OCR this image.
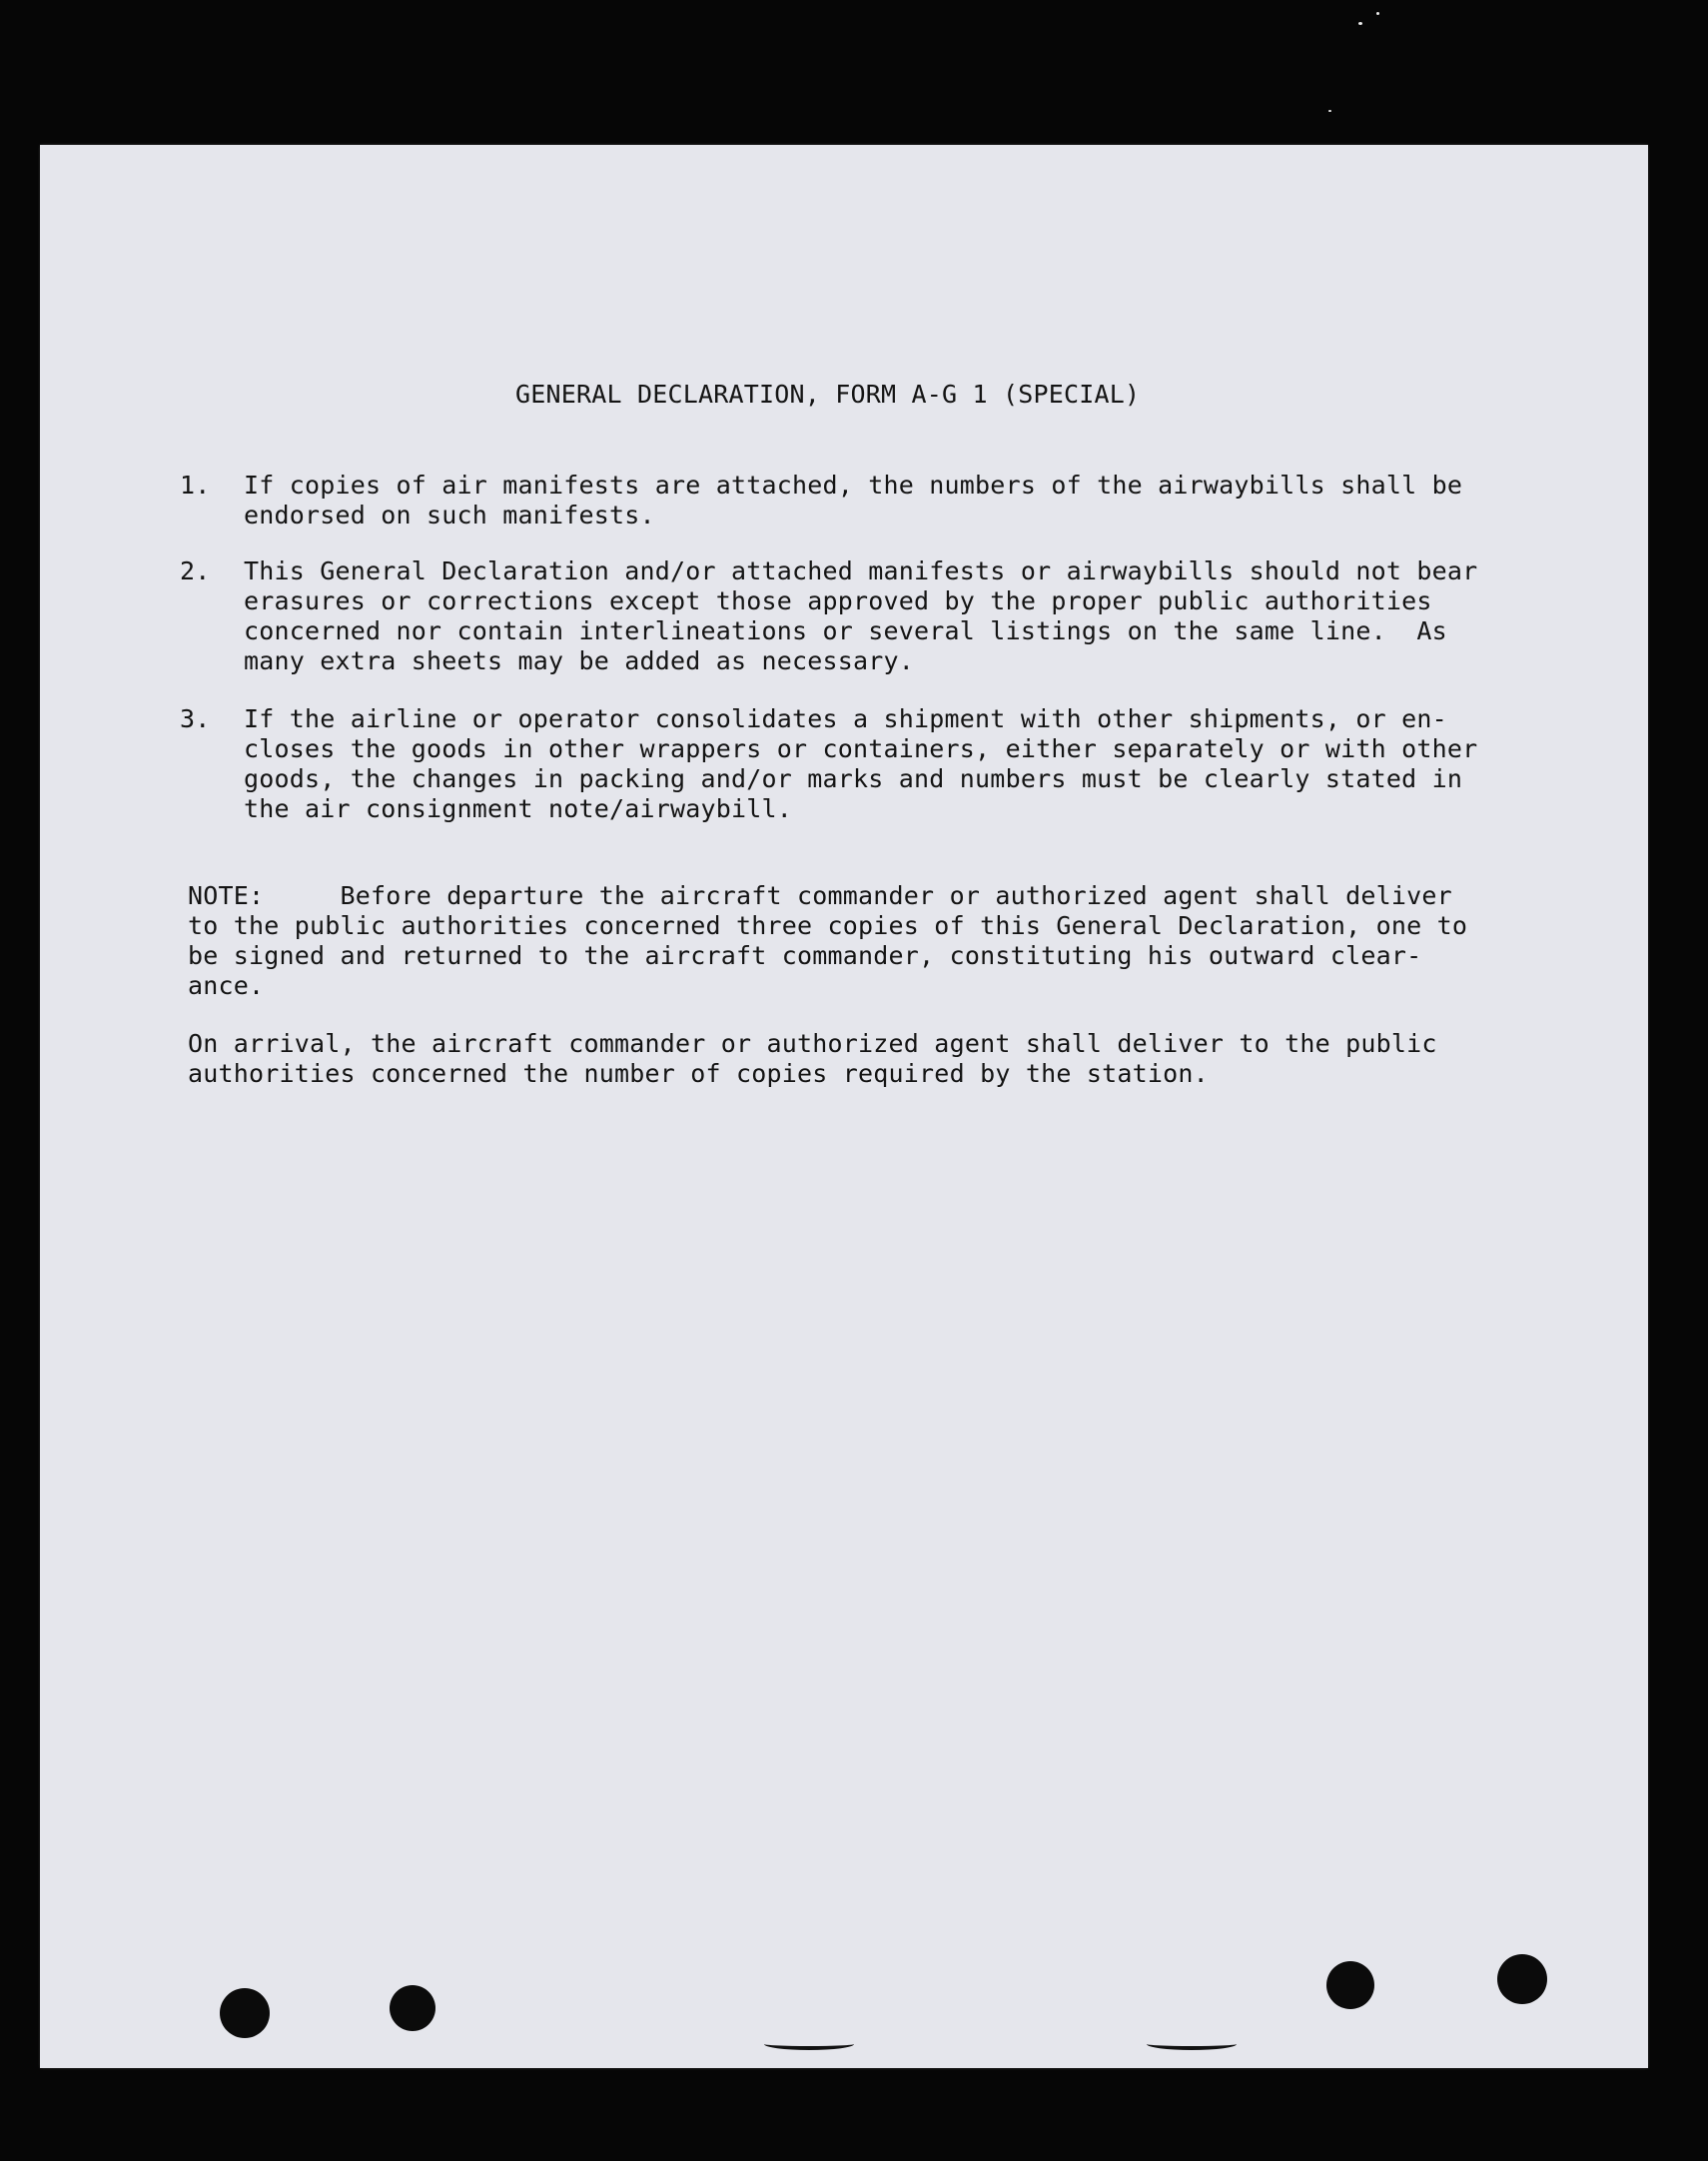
GENERAL DECLARATION, FORM A-G 1 (SPECIAL)
1.	If copies of air manifests are attached, the numbers of the airwaybills shall be
endorsed on such manifests.
2.	This General Declaration and/or attached manifests or airwaybills should not bear
erasures or corrections except those approved by the proper public authorities
concerned nor contain interlineations or several listings on the same line.  As
many extra sheets may be added as necessary.
3.	If the airline or operator consolidates a shipment with other shipments, or en-
closes the goods in other wrappers or containers, either separately or with other
goods, the changes in packing and/or marks and numbers must be clearly stated in
the air consignment note/airwaybill.
NOTE:     Before departure the aircraft commander or authorized agent shall deliver
to the public authorities concerned three copies of this General Declaration, one to
be signed and returned to the aircraft commander, constituting his outward clear-
ance.
On arrival, the aircraft commander or authorized agent shall deliver to the public
authorities concerned the number of copies required by the station.
